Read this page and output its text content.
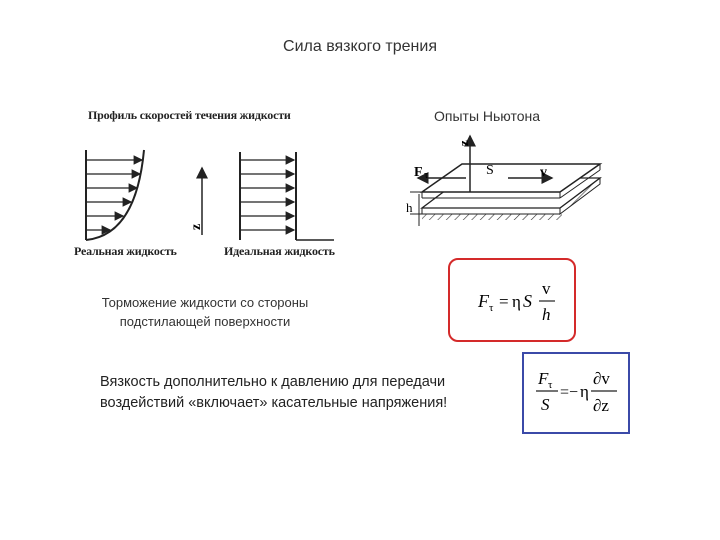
Сила вязкого трения
Профиль скоростей течения жидкости
z
Реальная жидкость	Идеальная жидкость
Опыты Ньютона
F τ	S	v
h
z
F τ = η S
v
h
Торможение жидкости со стороны подстилающей поверхности
Вязкость дополнительно к давлению для передачи
воздействий «включает» касательные напряжения!
F τ
S
= − η
∂v
∂z
